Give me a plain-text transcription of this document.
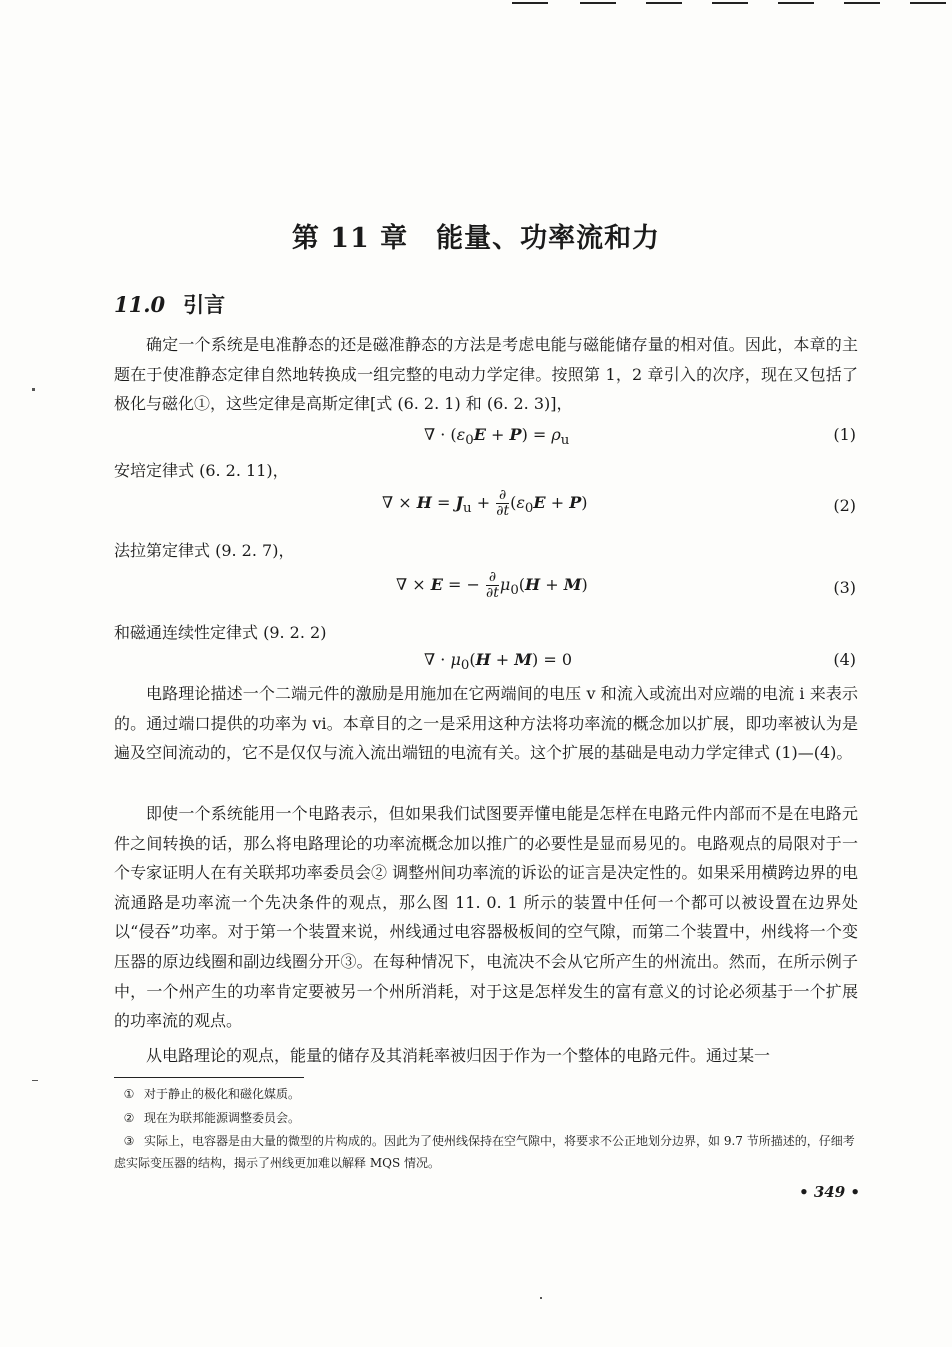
第 11 章　能量、功率流和力
11.0 引言

确定一个系统是电准静态的还是磁准静态的方法是考虑电能与磁能储存量的相对值。因此，本章的主题在于使准静态定律自然地转换成一组完整的电动力学定律。按照第 1，2 章引入的次序，现在又包括了极化与磁化①，这些定律是高斯定律[式 (6. 2. 1) 和 (6. 2. 3)]，

∇ · $(\varepsilon_0E + P) = \rho_u$	(1)

安培定律式 (6. 2. 11)，

∇ × $H = J_u + \frac{\partial}{\partial t} (\varepsilon_0E + P)$	(2)

法拉第定律式 (9. 2. 7)，

∇ × E = − $\frac{\partial}{\partial t} \mu_0(H + M)$	(3)

和磁通连续性定律式 (9. 2. 2)

∇ · $\mu_0(H + M) = 0$	(4)

电路理论描述一个二端元件的激励是用施加在它两端间的电压 v 和流入或流出对应端的电流 i 来表示的。通过端口提供的功率为 vi。本章目的之一是采用这种方法将功率流的概念加以扩展，即功率被认为是遍及空间流动的，它不是仅仅与流入流出端钮的电流有关。这个扩展的基础是电动力学定律式 (1)—(4)。

即使一个系统能用一个电路表示，但如果我们试图要弄懂电能是怎样在电路元件内部而不是在电路元件之间转换的话，那么将电路理论的功率流概念加以推广的必要性是显而易见的。电路观点的局限对于一个专家证明人在有关联邦功率委员会② 调整州间功率流的诉讼的证言是决定性的。如果采用横跨边界的电流通路是功率流一个先决条件的观点，那么图 11. 0. 1 所示的装置中任何一个都可以被设置在边界处以“侵吞”功率。对于第一个装置来说，州线通过电容器极板间的空气隙，而第二个装置中，州线将一个变压器的原边线圈和副边线圈分开③。在每种情况下，电流决不会从它所产生的州流出。然而，在所示例子中，一个州产生的功率肯定要被另一个州所消耗，对于这是怎样发生的富有意义的讨论必须基于一个扩展的功率流的观点。

从电路理论的观点，能量的储存及其消耗率被归因于作为一个整体的电路元件。通过某一

① 对于静止的极化和磁化媒质。

② 现在为联邦能源调整委员会。

③ 实际上，电容器是由大量的微型的片构成的。因此为了使州线保持在空气隙中，将要求不公正地划分边界，如 9.7 节所描述的，仔细考虑实际变压器的结构，揭示了州线更加难以解释 MQS 情况。

• 349 •
